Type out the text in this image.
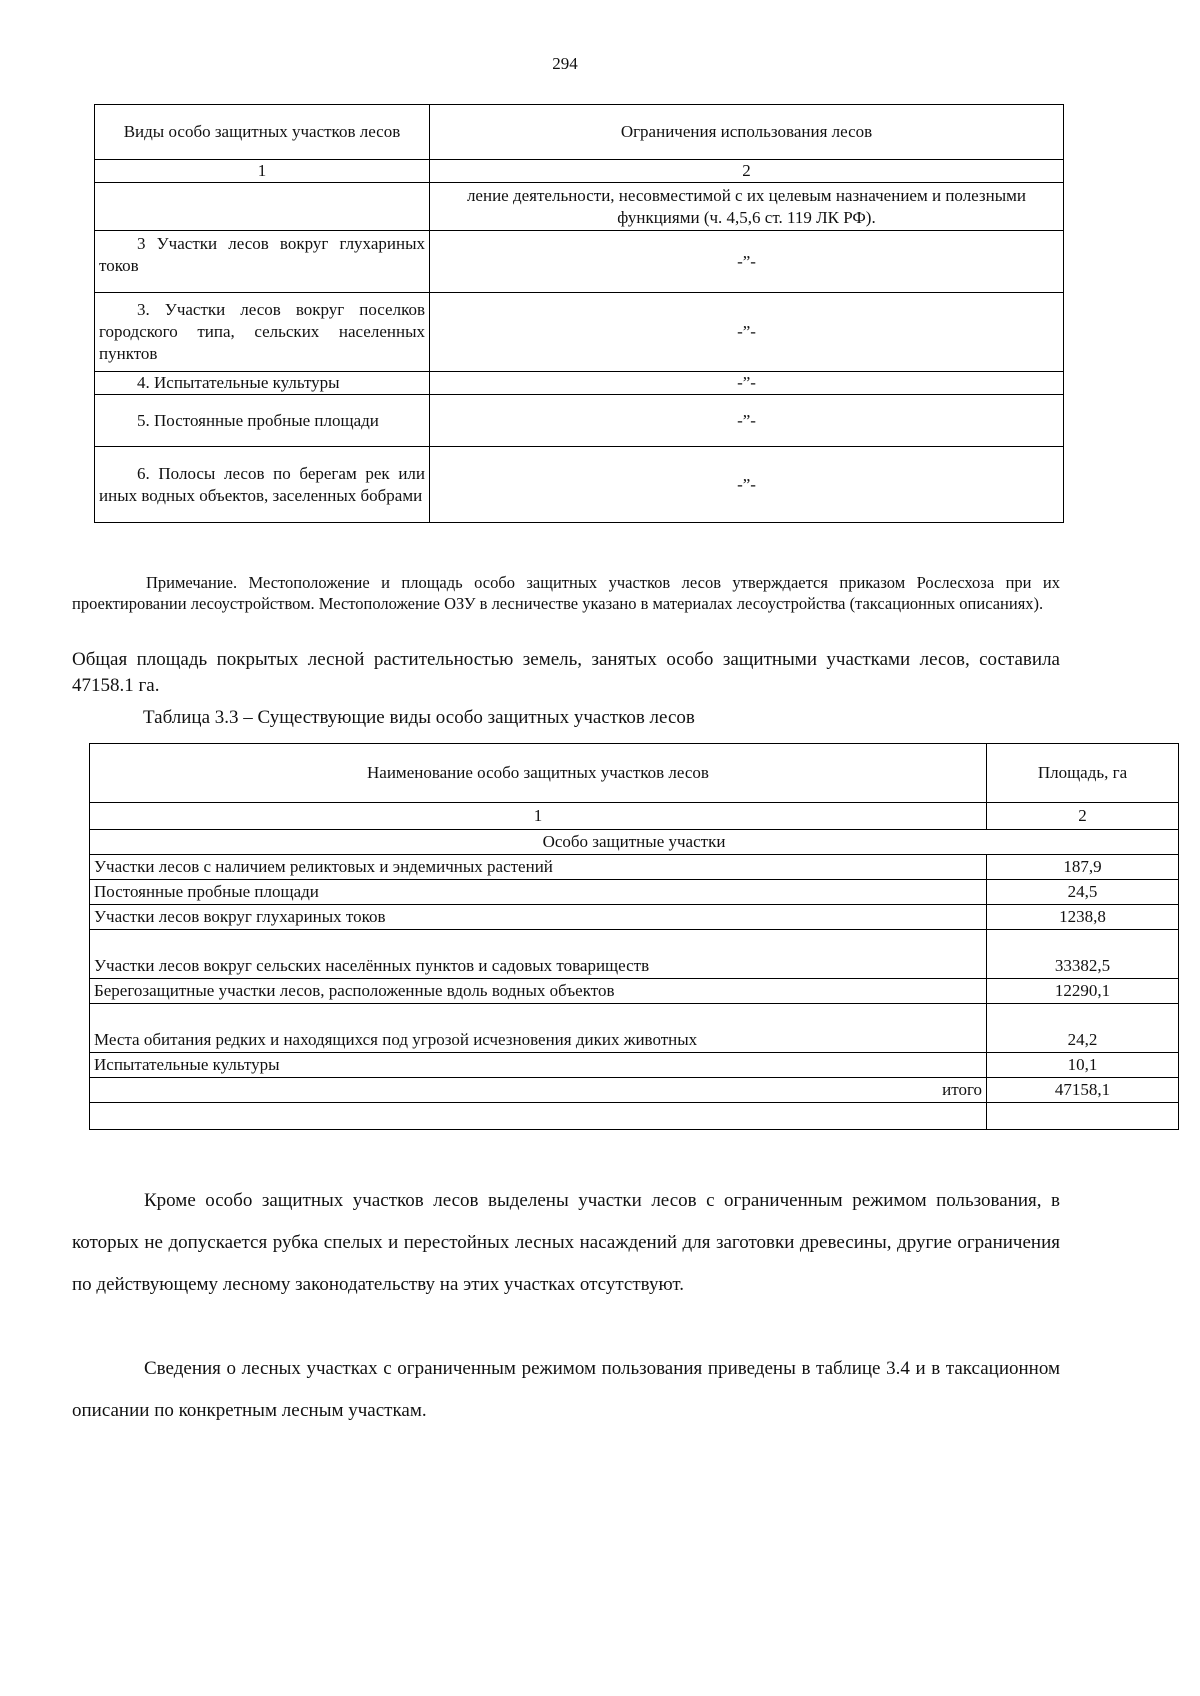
294
Виды особо защитных участков лесов	Ограничения использования лесов
1	2
	ление деятельности, несовместимой с их целевым назначением и полезными функциями (ч. 4,5,6 ст. 119 ЛК РФ).
3 Участки лесов вокруг глухариных токов	-”-
3. Участки лесов вокруг поселков городского типа, сельских населенных пунктов	-”-
4. Испытательные культуры	-”-
5. Постоянные пробные площади	-”-
6. Полосы лесов по берегам рек или иных водных объектов, заселенных бобрами	-”-
Примечание. Местоположение и площадь особо защитных участков лесов утверждается приказом Рослесхоза при их проектировании лесоустройством. Местоположение ОЗУ в лесничестве указано в материалах лесоустройства (таксационных описаниях).
Общая площадь покрытых лесной растительностью земель, занятых особо защитными участками лесов, составила 47158.1 га.
Таблица 3.3 – Существующие виды особо защитных участков лесов
Наименование особо защитных участков лесов	Площадь, га
1	2
Особо защитные участки	
Участки лесов с наличием реликтовых и эндемичных растений	187,9
Постоянные пробные площади	24,5
Участки лесов вокруг глухариных токов	1238,8
Участки лесов вокруг сельских населённых пунктов и садовых товариществ	33382,5
Берегозащитные участки лесов, расположенные вдоль водных объектов	12290,1
Места обитания редких и находящихся под угрозой исчезновения диких животных	24,2
Испытательные культуры	10,1
итого	47158,1

Кроме особо защитных участков лесов выделены участки лесов с ограниченным режимом пользования, в которых не допускается рубка спелых и перестойных лесных насаждений для заготовки древесины, другие ограничения по действующему лесному законодательству на этих участках отсутствуют.
Сведения о лесных участках с ограниченным режимом пользования приведены в таблице 3.4 и в таксационном описании по конкретным лесным участкам.
